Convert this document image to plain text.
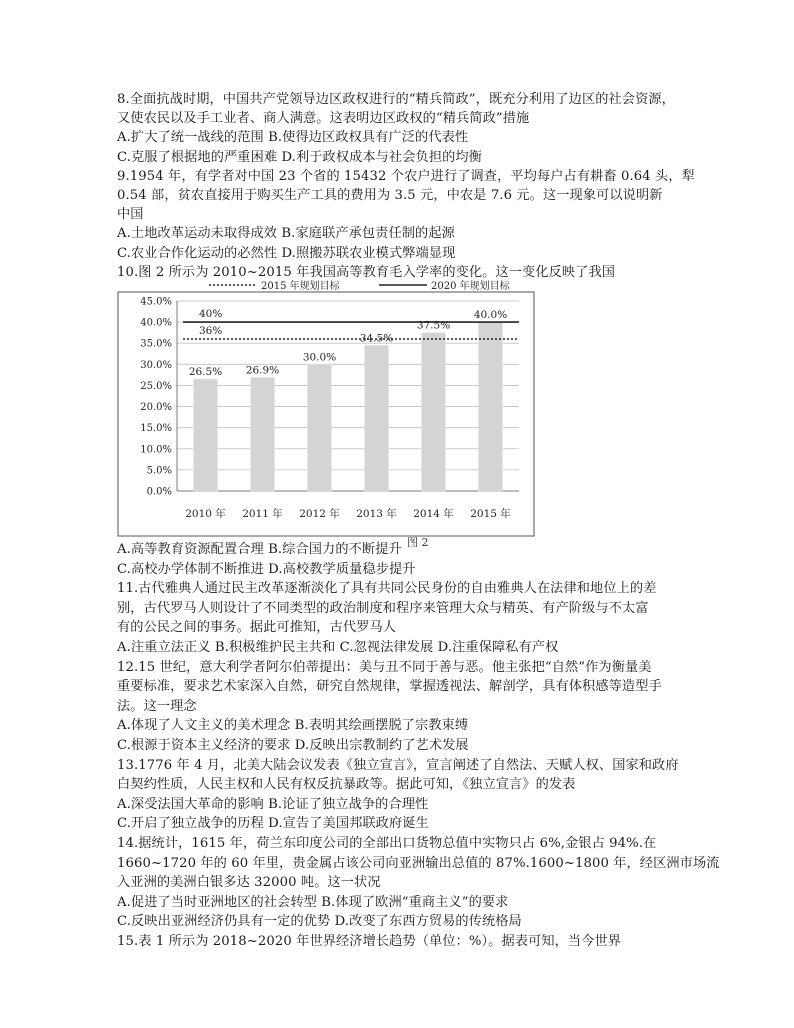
8.全面抗战时期，中国共产党领导边区政权进行的“精兵简政”，既充分利用了边区的社会资源，
又使农民以及手工业者、商人满意。这表明边区政权的“精兵简政”措施
A.扩大了统一战线的范围 B.使得边区政权具有广泛的代表性
C.克服了根据地的严重困难 D.利于政权成本与社会负担的均衡
9.1954 年，有学者对中国 23 个省的 15432 个农户进行了调查，平均每户占有耕畜 0.64 头，犁
0.54 部，贫农直接用于购买生产工具的费用为 3.5 元，中农是 7.6 元。这一现象可以说明新
中国
A.土地改革运动未取得成效 B.家庭联产承包责任制的起源
C.农业合作化运动的必然性 D.照搬苏联农业模式弊端显现
10.图 2 所示为 2010~2015 年我国高等教育毛入学率的变化。这一变化反映了我国
2015 年规划目标	2020 年规划目标
0.0%
5.0%
10.0%
15.0%
20.0%
25.0%
30.0%
35.0%
40.0%
45.0%
26.5% 26.9%
30.0%
34.5%
37.5%
40.0%
36%
40%
2010 年 2011 年 2012 年 2013 年 2014 年 2015 年
图 2
A.高等教育资源配置合理 B.综合国力的不断提升
C.高校办学体制不断推进 D.高校教学质量稳步提升
11.古代雅典人通过民主改革逐渐淡化了具有共同公民身份的自由雅典人在法律和地位上的差
别，古代罗马人则设计了不同类型的政治制度和程序来管理大众与精英、有产阶级与不太富
有的公民之间的事务。据此可推知，古代罗马人
A.注重立法正义 B.积极维护民主共和 C.忽视法律发展 D.注重保障私有产权
12.15 世纪，意大利学者阿尔伯蒂提出：美与丑不同于善与恶。他主张把“自然”作为衡量美
重要标准，要求艺术家深入自然，研究自然规律，掌握透视法、解剖学，具有体积感等造型手
法。这一理念
A.体现了人文主义的美术理念 B.表明其绘画摆脱了宗教束缚
C.根源于资本主义经济的要求 D.反映出宗教制约了艺术发展
13.1776 年 4 月，北美大陆会议发表《独立宣言》，宣言阐述了自然法、天赋人权、国家和政府
白契约性质，人民主权和人民有权反抗暴政等。据此可知，《独立宣言》的发表
A.深受法国大革命的影响 B.论证了独立战争的合理性
C.开启了独立战争的历程 D.宣告了美国邦联政府诞生
14.据统计，1615 年，荷兰东印度公司的全部出口货物总值中实物只占 6%,金银占 94%.在
1660~1720 年的 60 年里，贵金属占该公司向亚洲输出总值的 87%.1600~1800 年，经区洲市场流
入亚洲的美洲白银多达 32000 吨。这一状况
A.促进了当时亚洲地区的社会转型 B.体现了欧洲“重商主义”的要求
C.反映出亚洲经济仍具有一定的优势 D.改变了东西方贸易的传统格局
15.表 1 所示为 2018~2020 年世界经济增长趋势（单位：%）。据表可知，当今世界
